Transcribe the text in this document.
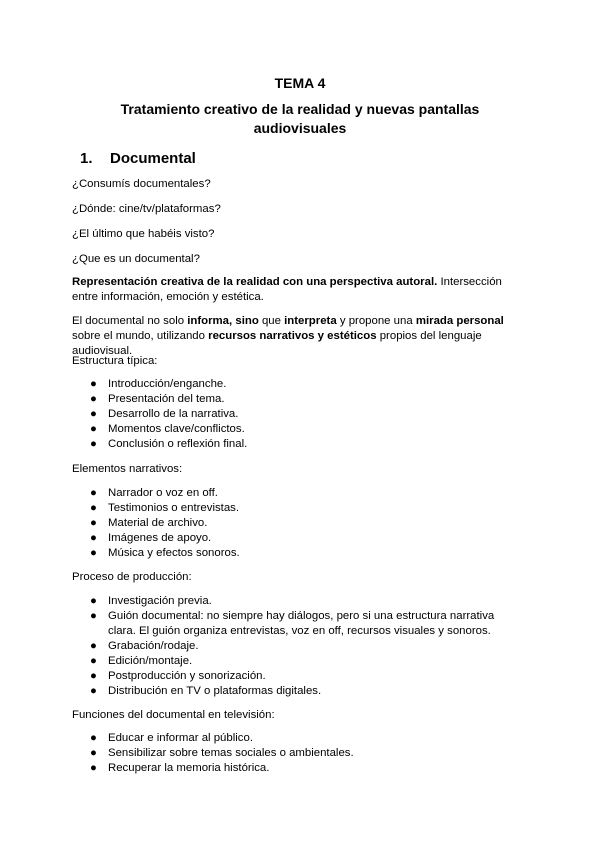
TEMA 4
Tratamiento creativo de la realidad y nuevas pantallas
audiovisuales
1. Documental
¿Consumís documentales?
¿Dónde: cine/tv/plataformas?
¿El último que habéis visto?
¿Que es un documental?
Representación creativa de la realidad con una perspectiva autoral. Intersección entre información, emoción y estética.
El documental no solo informa, sino que interpreta y propone una mirada personal sobre el mundo, utilizando recursos narrativos y estéticos propios del lenguaje audiovisual.
Estructura típica:
● Introducción/enganche.
● Presentación del tema.
● Desarrollo de la narrativa.
● Momentos clave/conflictos.
● Conclusión o reflexión final.
Elementos narrativos:
● Narrador o voz en off.
● Testimonios o entrevistas.
● Material de archivo.
● Imágenes de apoyo.
● Música y efectos sonoros.
Proceso de producción:
● Investigación previa.
● Guión documental: no siempre hay diálogos, pero si una estructura narrativa clara. El guión organiza entrevistas, voz en off, recursos visuales y sonoros.
● Grabación/rodaje.
● Edición/montaje.
● Postproducción y sonorización.
● Distribución en TV o plataformas digitales.
Funciones del documental en televisión:
● Educar e informar al público.
● Sensibilizar sobre temas sociales o ambientales.
● Recuperar la memoria histórica.
